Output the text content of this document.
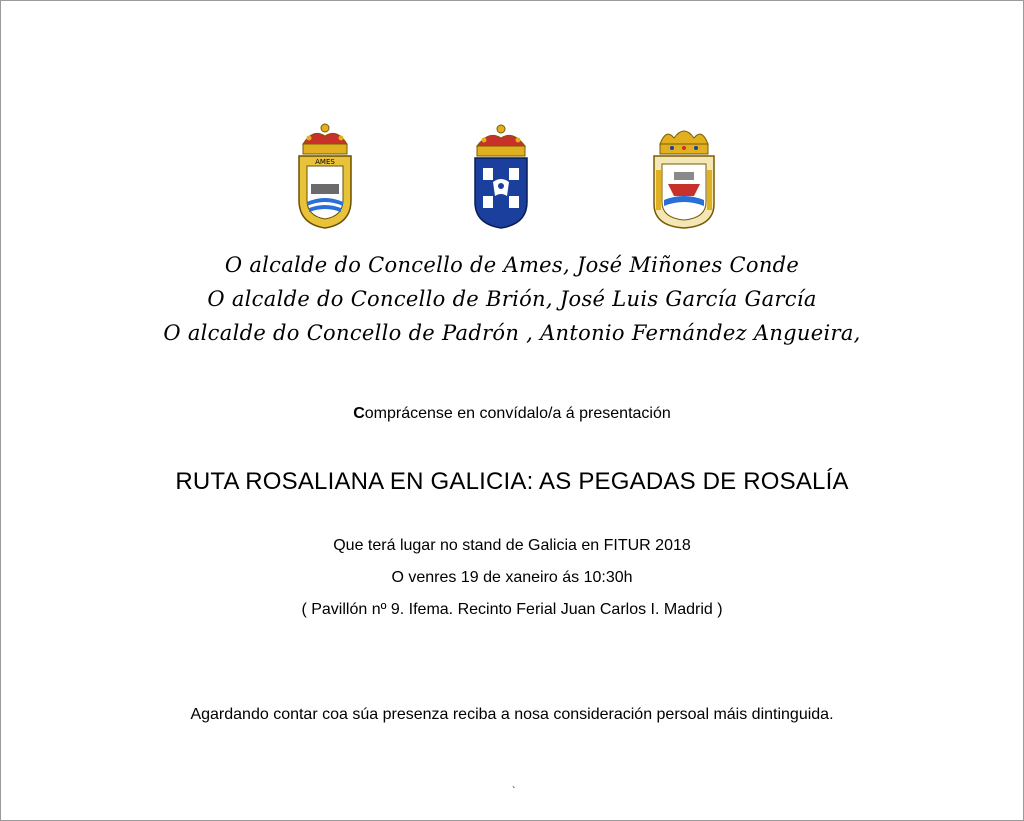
AMES
O alcalde do Concello de Ames, José Miñones Conde
O alcalde do Concello de Brión, José Luis García García
O alcalde do Concello de Padrón , Antonio Fernández Angueira,
Comprácense en convídalo/a á presentación
RUTA ROSALIANA EN GALICIA: AS PEGADAS DE ROSALÍA
Que terá lugar no stand de Galicia en FITUR 2018
O venres 19 de xaneiro ás 10:30h
( Pavillón nº 9. Ifema. Recinto Ferial Juan Carlos I. Madrid )
Agardando contar coa súa presenza reciba a nosa consideración persoal máis dintinguida.
`
